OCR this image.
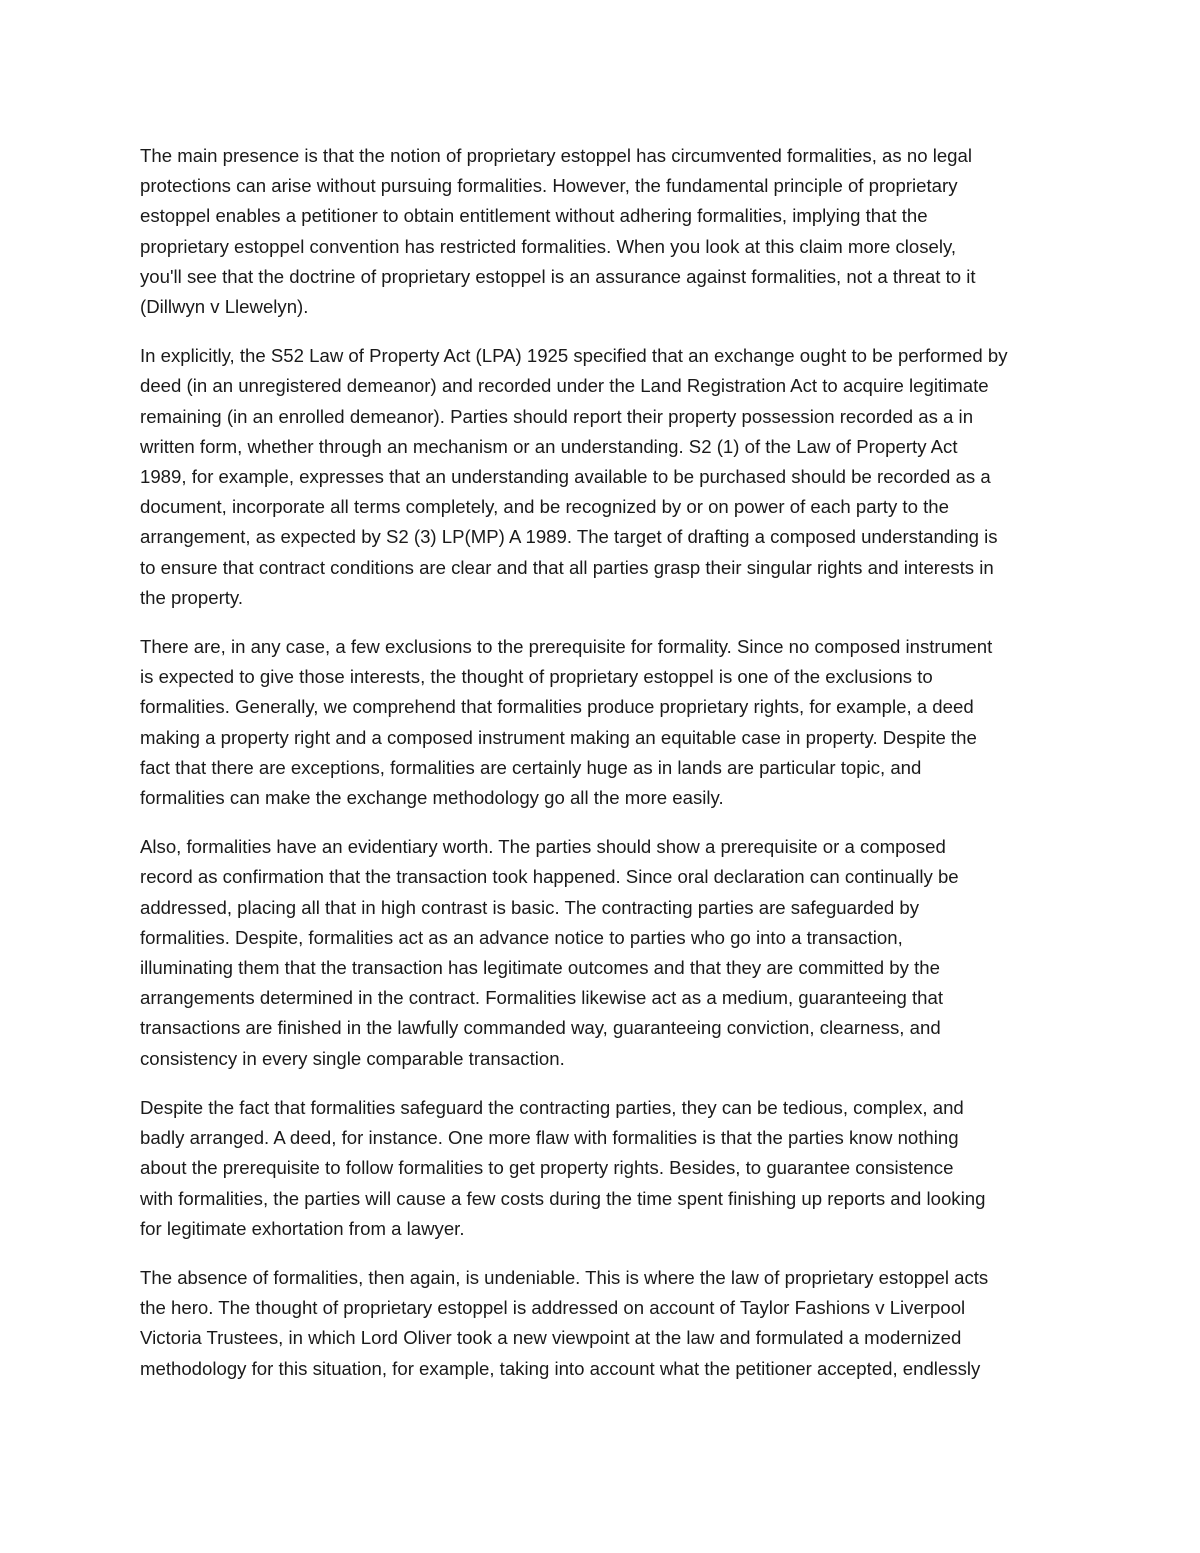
The main presence is that the notion of proprietary estoppel has circumvented formalities, as no legal
protections can arise without pursuing formalities. However, the fundamental principle of proprietary
estoppel enables a petitioner to obtain entitlement without adhering formalities, implying that the
proprietary estoppel convention has restricted formalities. When you look at this claim more closely,
you'll see that the doctrine of proprietary estoppel is an assurance against formalities, not a threat to it
(Dillwyn v Llewelyn).

In explicitly, the S52 Law of Property Act (LPA) 1925 specified that an exchange ought to be performed by
deed (in an unregistered demeanor) and recorded under the Land Registration Act to acquire legitimate
remaining (in an enrolled demeanor). Parties should report their property possession recorded as a in
written form, whether through an mechanism or an understanding. S2 (1) of the Law of Property Act
1989, for example, expresses that an understanding available to be purchased should be recorded as a
document, incorporate all terms completely, and be recognized by or on power of each party to the
arrangement, as expected by S2 (3) LP(MP) A 1989. The target of drafting a composed understanding is
to ensure that contract conditions are clear and that all parties grasp their singular rights and interests in
the property.

There are, in any case, a few exclusions to the prerequisite for formality. Since no composed instrument
is expected to give those interests, the thought of proprietary estoppel is one of the exclusions to
formalities. Generally, we comprehend that formalities produce proprietary rights, for example, a deed
making a property right and a composed instrument making an equitable case in property. Despite the
fact that there are exceptions, formalities are certainly huge as in lands are particular topic, and
formalities can make the exchange methodology go all the more easily.

Also, formalities have an evidentiary worth. The parties should show a prerequisite or a composed
record as confirmation that the transaction took happened. Since oral declaration can continually be
addressed, placing all that in high contrast is basic. The contracting parties are safeguarded by
formalities. Despite, formalities act as an advance notice to parties who go into a transaction,
illuminating them that the transaction has legitimate outcomes and that they are committed by the
arrangements determined in the contract. Formalities likewise act as a medium, guaranteeing that
transactions are finished in the lawfully commanded way, guaranteeing conviction, clearness, and
consistency in every single comparable transaction.

Despite the fact that formalities safeguard the contracting parties, they can be tedious, complex, and
badly arranged. A deed, for instance. One more flaw with formalities is that the parties know nothing
about the prerequisite to follow formalities to get property rights. Besides, to guarantee consistence
with formalities, the parties will cause a few costs during the time spent finishing up reports and looking
for legitimate exhortation from a lawyer.

The absence of formalities, then again, is undeniable. This is where the law of proprietary estoppel acts
the hero. The thought of proprietary estoppel is addressed on account of Taylor Fashions v Liverpool
Victoria Trustees, in which Lord Oliver took a new viewpoint at the law and formulated a modernized
methodology for this situation, for example, taking into account what the petitioner accepted, endlessly
